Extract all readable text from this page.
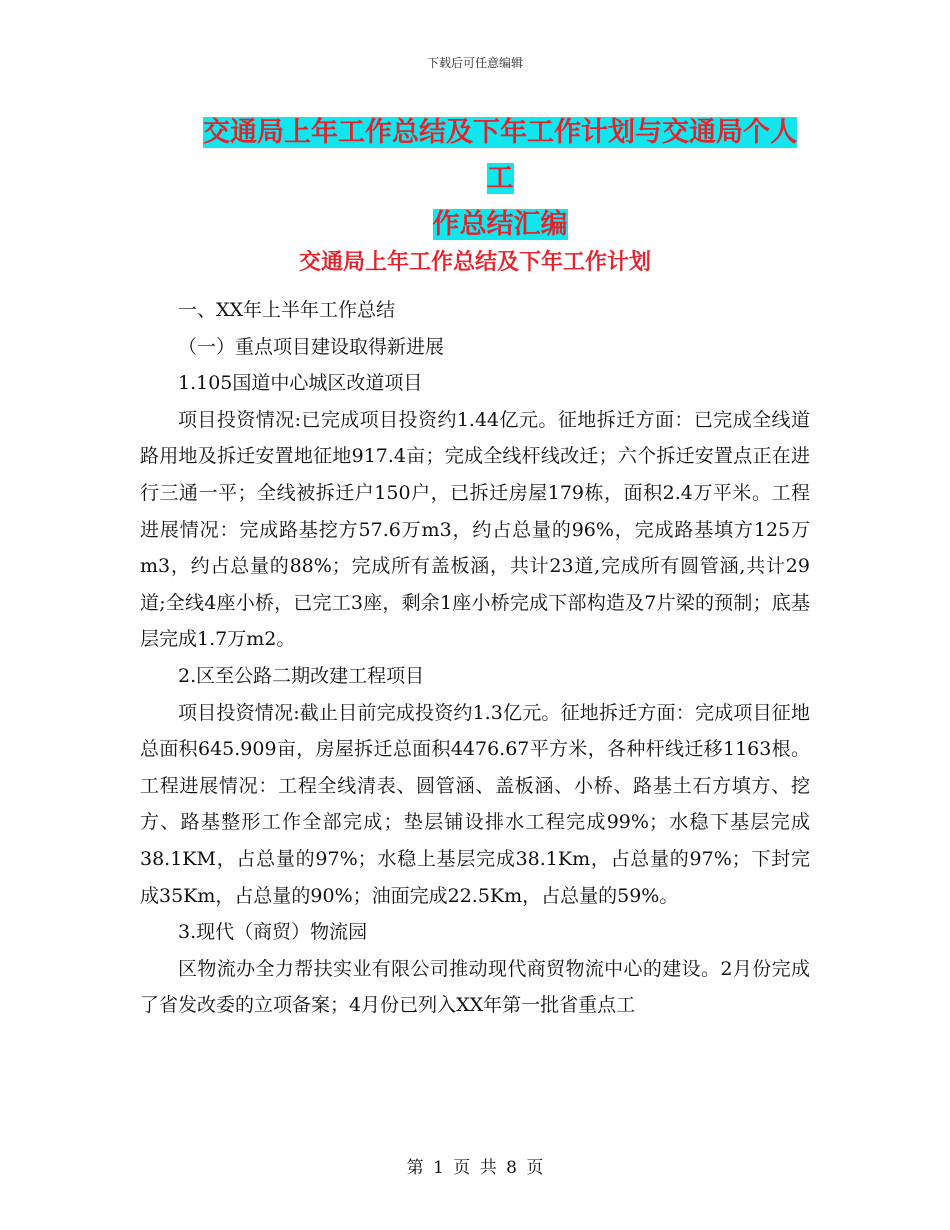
下载后可任意编辑
交通局上年工作总结及下年工作计划与交通局个人工
作总结汇编
交通局上年工作总结及下年工作计划

一、XX年上半年工作总结

（一）重点项目建设取得新进展

1.105国道中心城区改道项目

项目投资情况:已完成项目投资约1.44亿元。征地拆迁方面：已完成全线道路用地及拆迁安置地征地917.4亩；完成全线杆线改迁；六个拆迁安置点正在进行三通一平；全线被拆迁户150户，已拆迁房屋179栋，面积2.4万平米。工程进展情况：完成路基挖方57.6万m3，约占总量的96%，完成路基填方125万m3，约占总量的88%；完成所有盖板涵，共计23道,完成所有圆管涵,共计29道;全线4座小桥，已完工3座，剩余1座小桥完成下部构造及7片梁的预制；底基层完成1.7万m2。

2.区至公路二期改建工程项目

项目投资情况:截止目前完成投资约1.3亿元。征地拆迁方面：完成项目征地总面积645.909亩，房屋拆迁总面积4476.67平方米，各种杆线迁移1163根。工程进展情况：工程全线清表、圆管涵、盖板涵、小桥、路基土石方填方、挖方、路基整形工作全部完成；垫层铺设排水工程完成99%；水稳下基层完成38.1KM，占总量的97%；水稳上基层完成38.1Km，占总量的97%；下封完成35Km，占总量的90%；油面完成22.5Km，占总量的59%。

3.现代（商贸）物流园

区物流办全力帮扶实业有限公司推动现代商贸物流中心的建设。2月份完成了省发改委的立项备案；4月份已列入XX年第一批省重点工

第 1 页 共 8 页
